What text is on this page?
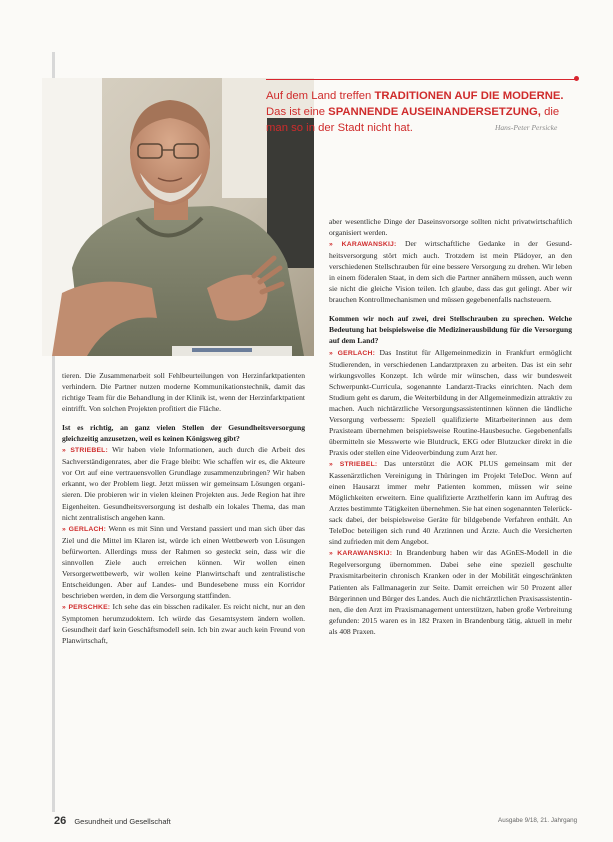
Auf dem Land treffen TRADITIONEN AUF DIE MODERNE. Das ist eine SPANNENDE AUSEINANDERSETZUNG, die man so in der Stadt nicht hat.	Hans-Peter Persicke

tieren. Die Zusammenarbeit soll Fehlbeurteilungen von Herzinfarktpatienten verhindern. Die Partner nutzen moderne Kommunikationstechnik, damit das richtige Team für die Behandlung in der Klinik ist, wenn der Herzinfarktpatient eintrifft. Von solchen Projekten profitiert die Fläche.

Ist es richtig, an ganz vielen Stellen der Gesundheitsversorgung gleichzeitig anzusetzen, weil es keinen Königsweg gibt?

» STRIEBEL: Wir haben viele Informationen, auch durch die Arbeit des Sachverständigenrates, aber die Frage bleibt: Wie schaffen wir es, die Akteure vor Ort auf eine vertrauensvollen Grundlage zusammenzubringen? Wir haben erkannt, wo der Problem liegt. Jetzt müssen wir gemeinsam Lösungen organisieren. Die probieren wir in vielen kleinen Projekten aus. Jede Region hat ihre Eigenheiten. Gesundheitsversorgung ist deshalb ein lokales Thema, das man nicht zentralistisch angehen kann.

» GERLACH: Wenn es mit Sinn und Verstand passiert und man sich über das Ziel und die Mittel im Klaren ist, würde ich einen Wettbewerb von Lösungen befürworten. Allerdings muss der Rahmen so gesteckt sein, dass wir die sinnvollen Ziele auch erreichen können. Wir wollen einen Versorgerwettbewerb, wir wollen keine Planwirtschaft und zentralistische Entscheidungen. Aber auf Landes- und Bundesebene muss ein Korridor beschrieben werden, in dem die Versorgung stattfinden.

» PERSCHKE: Ich sehe das ein bisschen radikaler. Es reicht nicht, nur an den Symptomen herumzudoktern. Ich würde das Gesamtsystem ändern wollen. Gesundheit darf kein Geschäftsmodell sein. Ich bin zwar auch kein Freund von Planwirtschaft,

aber wesentliche Dinge der Daseinsvorsorge sollten nicht privatwirtschaftlich organisiert werden.

» KARAWANSKIJ: Der wirtschaftliche Gedanke in der Gesundheitsversorgung stört mich auch. Trotzdem ist mein Plädoyer, an den verschiedenen Stellschrauben für eine bessere Versorgung zu drehen. Wir leben in einem föderalen Staat, in dem sich die Partner annähern müssen, auch wenn sie nicht die gleiche Vision teilen. Ich glaube, dass das gut gelingt. Aber wir brauchen Kontrollmechanismen und müssen gegebenenfalls nachsteuern.

Kommen wir noch auf zwei, drei Stellschrauben zu sprechen. Welche Bedeutung hat beispielsweise die Medizinerausbildung für die Versorgung auf dem Land?

» GERLACH: Das Institut für Allgemeinmedizin in Frankfurt ermöglicht Studierenden, in verschiedenen Landarztpraxen zu arbeiten. Das ist ein sehr wirkungsvolles Konzept. Ich würde mir wünschen, dass wir bundesweit Schwerpunkt-Curricula, sogenannte Landarzt-Tracks einrichten. Nach dem Studium geht es darum, die Weiterbildung in der Allgemeinmedizin attraktiv zu machen. Auch nichtärztliche Versorgungsassistentinnen können die ländliche Versorgung verbessern: Speziell qualifizierte Mitarbeiterinnen aus dem Praxisteam übernehmen beispielsweise Routine-Hausbesuche. Gegebenenfalls übermitteln sie Messwerte wie Blutdruck, EKG oder Blutzucker direkt in die Praxis oder stellen eine Videoverbindung zum Arzt her.

» STRIEBEL: Das unterstützt die AOK PLUS gemeinsam mit der Kassenärztlichen Vereinigung in Thüringen im Projekt TeleDoc. Wenn auf einen Hausarzt immer mehr Patienten kommen, müssen wir seine Möglichkeiten erweitern. Eine qualifizierte Arzthelferin kann im Auftrag des Arztes bestimmte Tätigkeiten übernehmen. Sie hat einen sogenannten Telerücksack dabei, der beispielsweise Geräte für bildgebende Verfahren enthält. An TeleDoc beteiligen sich rund 40 Ärztinnen und Ärzte. Auch die Versicherten sind zufrieden mit dem Angebot.

» KARAWANSKIJ: In Brandenburg haben wir das AGnES-Modell in die Regelversorgung übernommen. Dabei sehe eine speziell geschulte Praxismitarbeiterin chronisch Kranken oder in der Mobilität eingeschränkten Patienten als Fallmanagerin zur Seite. Damit erreichen wir 50 Prozent aller Bürgerinnen und Bürger des Landes. Auch die nichtärztlichen Praxisassistentinnen, die den Arzt im Praxismanagement unterstützen, haben große Verbreitung gefunden: 2015 waren es in 182 Praxen in Brandenburg tätig, aktuell in mehr als 408 Praxen.

26 Gesundheit und Gesellschaft	Ausgabe 9/18, 21. Jahrgang
